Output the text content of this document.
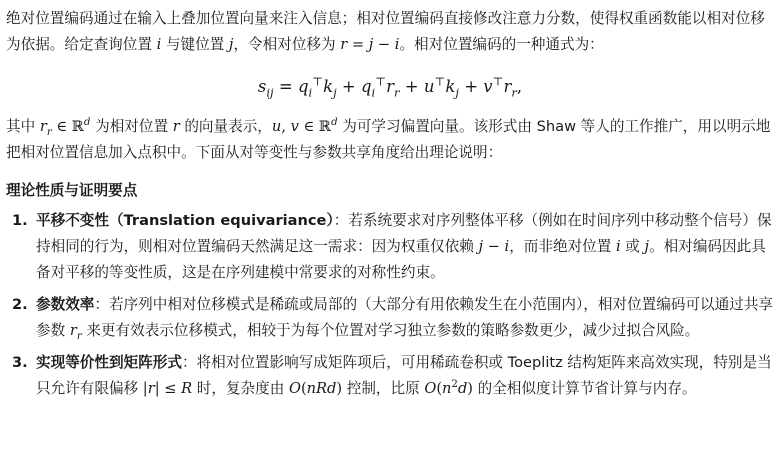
绝对位置编码通过在输入上叠加位置向量来注入信息；相对位置编码直接修改注意力分数，使得权重函数能以相对位移为依据。给定查询位置 i 与键位置 j，令相对位移为 r = j − i。相对位置编码的一种通式为：

$s_{ij} = q_i^⊤k_j + q_i^⊤r_r + u^⊤k_j + v^⊤r_r$,

其中 $r_r$ ∈ ℝ$^d$ 为相对位置 r 的向量表示，u, v ∈ ℝ$^d$ 为可学习偏置向量。该形式由 Shaw 等人的工作推广，用以明示地把相对位置信息加入点积中。下面从对等变性与参数共享角度给出理论说明：

理论性质与证明要点

1. 平移不变性（Translation equivariance）：若系统要求对序列整体平移（例如在时间序列中移动整个信号）保持相同的行为，则相对位置编码天然满足这一需求：因为权重仅依赖 j − i，而非绝对位置 i 或 j。相对编码因此具备对平移的等变性质，这是在序列建模中常要求的对称性约束。
2. 参数效率：若序列中相对位移模式是稀疏或局部的（大部分有用依赖发生在小范围内），相对位置编码可以通过共享参数 $r_r$ 来更有效表示位移模式，相较于为每个位置对学习独立参数的策略参数更少，减少过拟合风险。
3. 实现等价性到矩阵形式：将相对位置影响写成矩阵项后，可用稀疏卷积或 Toeplitz 结构矩阵来高效实现，特别是当只允许有限偏移 |r| ≤ R 时，复杂度由 O(nRd) 控制，比原 $O(n^2d)$ 的全相似度计算节省计算与内存。
